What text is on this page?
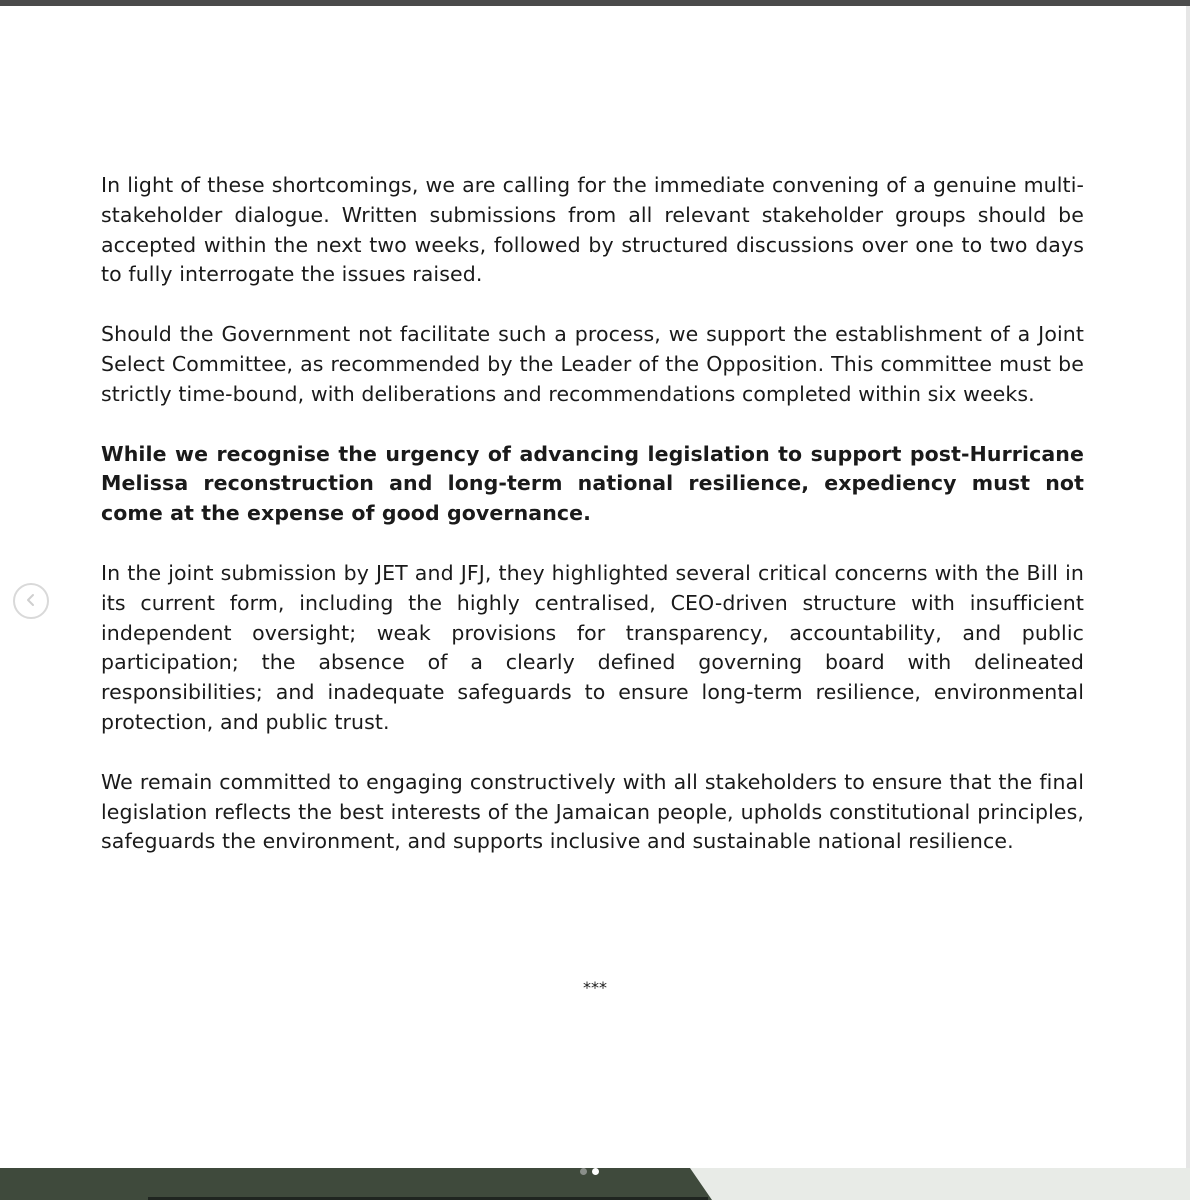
In light of these shortcomings, we are calling for the immediate convening of a genuine multi-stakeholder dialogue. Written submissions from all relevant stakeholder groups should be accepted within the next two weeks, followed by structured discussions over one to two days to fully interrogate the issues raised.

Should the Government not facilitate such a process, we support the establishment of a Joint Select Committee, as recommended by the Leader of the Opposition. This committee must be strictly time-bound, with deliberations and recommendations completed within six weeks.

While we recognise the urgency of advancing legislation to support post-Hurricane Melissa reconstruction and long-term national resilience, expediency must not come at the expense of good governance.

In the joint submission by JET and JFJ, they highlighted several critical concerns with the Bill in its current form, including the highly centralised, CEO-driven structure with insufficient independent oversight; weak provisions for transparency, accountability, and public participation; the absence of a clearly defined governing board with delineated responsibilities; and inadequate safeguards to ensure long-term resilience, environmental protection, and public trust.

We remain committed to engaging constructively with all stakeholders to ensure that the final legislation reflects the best interests of the Jamaican people, upholds constitutional principles, safeguards the environment, and supports inclusive and sustainable national resilience.

***
